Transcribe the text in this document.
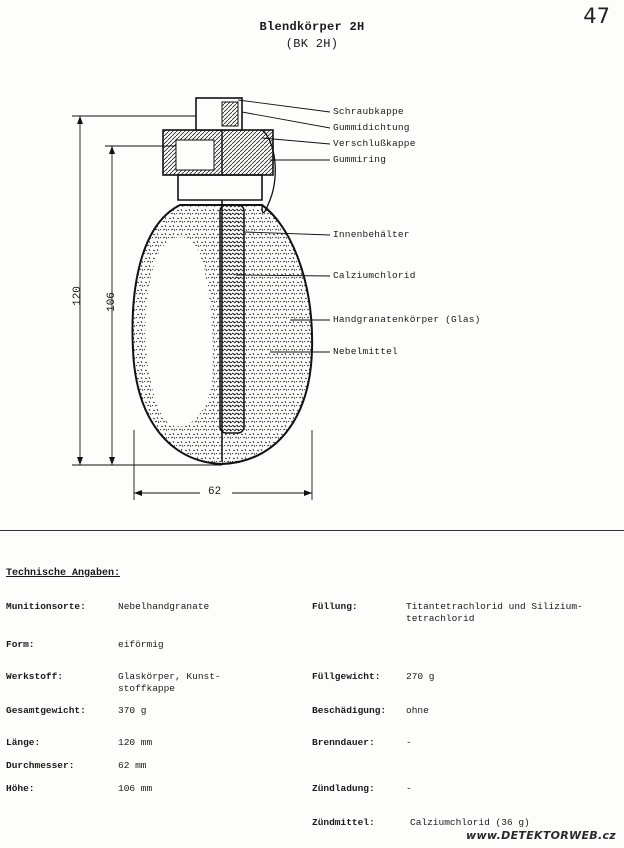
47
Blendkörper 2H
(BK 2H)
Schraubkappe
Gummidichtung
Verschlußkappe
Gummiring
Innenbehälter
Calziumchlorid
Handgranatenkörper (Glas)
Nebelmittel
120 106
62
Technische Angaben:
Munitionsorte:	Nebelhandgranate
Form:	eiförmig
Werkstoff:	Glaskörper, Kunst-
stoffkappe
Gesamtgewicht:	370 g
Länge:	120 mm
Durchmesser:	62 mm
Höhe:	106 mm
Füllung:	Titantetrachlorid und Silizium-
tetrachlorid
Füllgewicht:	270 g
Beschädigung: ohne
Brenndauer:	-
Zündladung:	-
Zündmittel:	Calziumchlorid (36 g)
www.DETEKTORWEB.cz
